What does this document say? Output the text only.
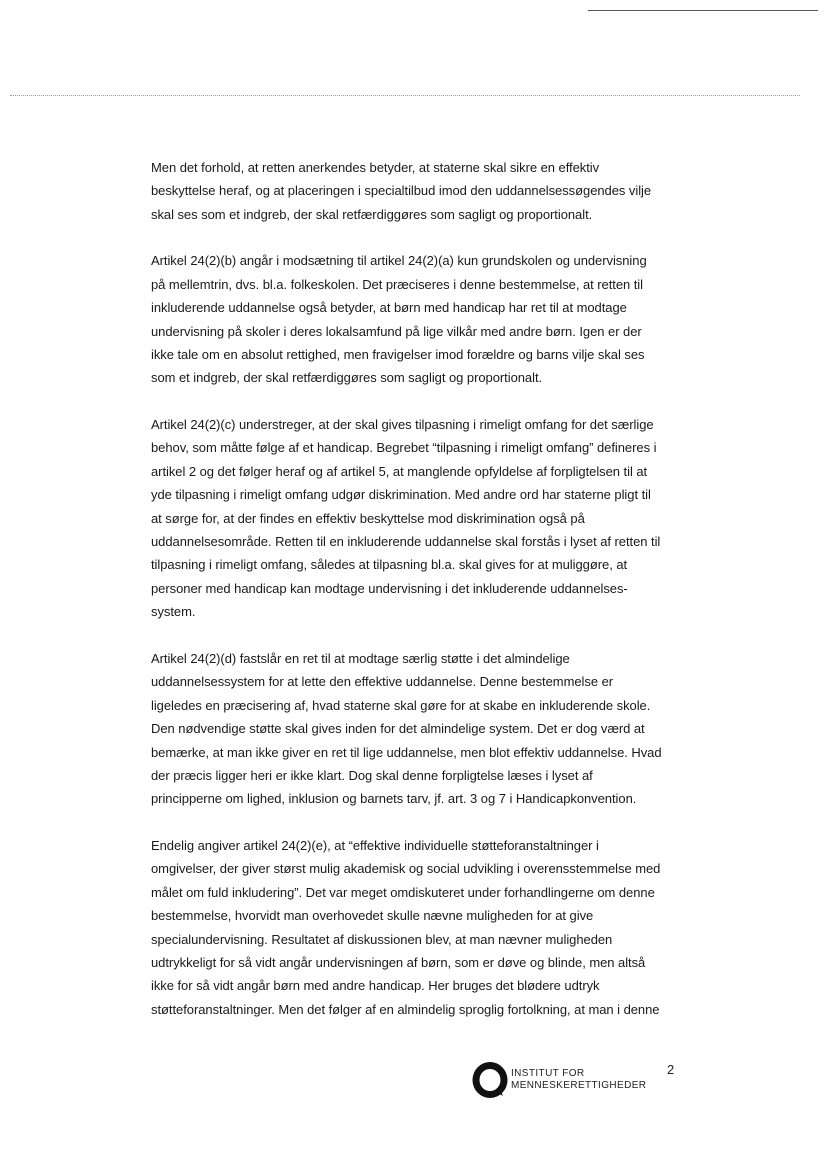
Men det forhold, at retten anerkendes betyder, at staterne skal sikre en effektiv
beskyttelse heraf, og at placeringen i specialtilbud imod den uddannelsessøgendes vilje
skal ses som et indgreb, der skal retfærdiggøres som sagligt og proportionalt.

Artikel 24(2)(b) angår i modsætning til artikel 24(2)(a) kun grundskolen og undervisning
på mellemtrin, dvs. bl.a. folkeskolen. Det præciseres i denne bestemmelse, at retten til
inkluderende uddannelse også betyder, at børn med handicap har ret til at modtage
undervisning på skoler i deres lokalsamfund på lige vilkår med andre børn. Igen er der
ikke tale om en absolut rettighed, men fravigelser imod forældre og barns vilje skal ses
som et indgreb, der skal retfærdiggøres som sagligt og proportionalt.

Artikel 24(2)(c) understreger, at der skal gives tilpasning i rimeligt omfang for det særlige
behov, som måtte følge af et handicap. Begrebet “tilpasning i rimeligt omfang” defineres i
artikel 2 og det følger heraf og af artikel 5, at manglende opfyldelse af forpligtelsen til at
yde tilpasning i rimeligt omfang udgør diskrimination. Med andre ord har staterne pligt til
at sørge for, at der findes en effektiv beskyttelse mod diskrimination også på
uddannelsesområde. Retten til en inkluderende uddannelse skal forstås i lyset af retten til
tilpasning i rimeligt omfang, således at tilpasning bl.a. skal gives for at muliggøre, at
personer med handicap kan modtage undervisning i det inkluderende uddannelses-
system.

Artikel 24(2)(d) fastslår en ret til at modtage særlig støtte i det almindelige
uddannelsessystem for at lette den effektive uddannelse. Denne bestemmelse er
ligeledes en præcisering af, hvad staterne skal gøre for at skabe en inkluderende skole.
Den nødvendige støtte skal gives inden for det almindelige system. Det er dog værd at
bemærke, at man ikke giver en ret til lige uddannelse, men blot effektiv uddannelse. Hvad
der præcis ligger heri er ikke klart. Dog skal denne forpligtelse læses i lyset af
principperne om lighed, inklusion og barnets tarv, jf. art. 3 og 7 i Handicapkonvention.

Endelig angiver artikel 24(2)(e), at “effektive individuelle støtteforanstaltninger i
omgivelser, der giver størst mulig akademisk og social udvikling i overensstemmelse med
målet om fuld inkludering”. Det var meget omdiskuteret under forhandlingerne om denne
bestemmelse, hvorvidt man overhovedet skulle nævne muligheden for at give
specialundervisning. Resultatet af diskussionen blev, at man nævner muligheden
udtrykkeligt for så vidt angår undervisningen af børn, som er døve og blinde, men altså
ikke for så vidt angår børn med andre handicap. Her bruges det blødere udtryk
støtteforanstaltninger. Men det følger af en almindelig sproglig fortolkning, at man i denne

INSTITUT FOR
MENNESKERETTIGHEDER
2
